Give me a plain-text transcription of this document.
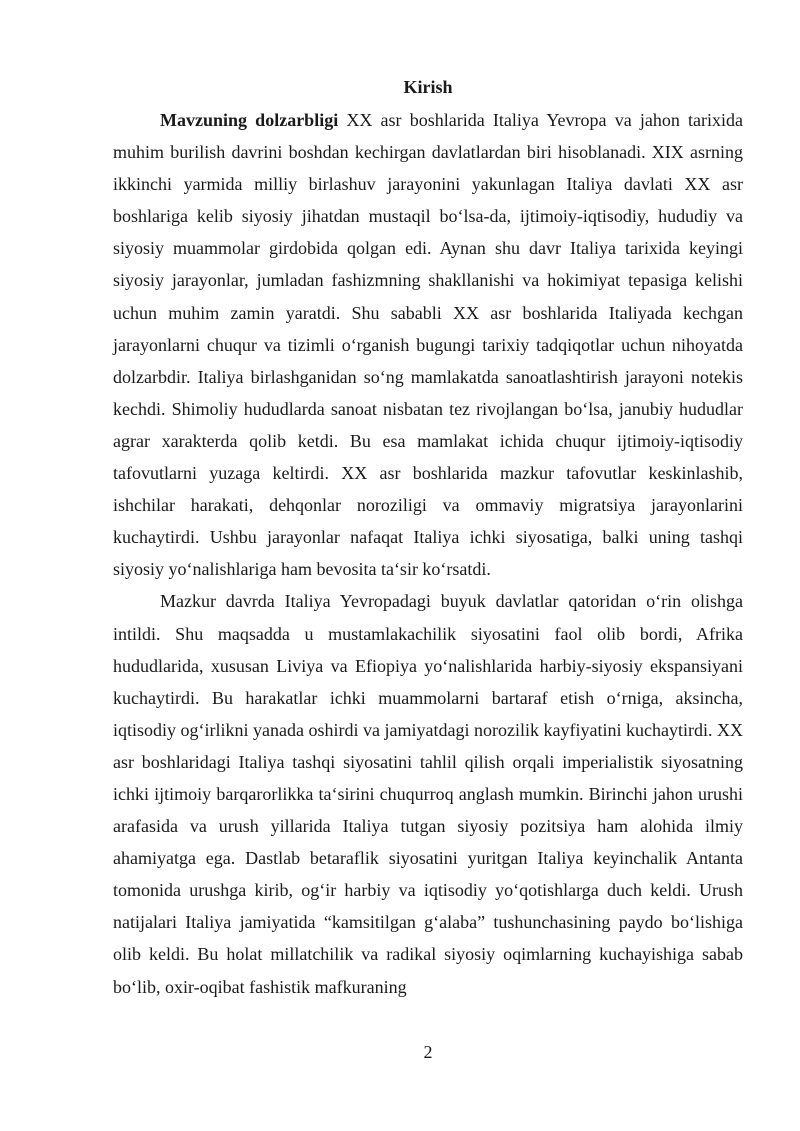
Kirish

Mavzuning dolzarbligi XX asr boshlarida Italiya Yevropa va jahon tarixida muhim burilish davrini boshdan kechirgan davlatlardan biri hisoblanadi. XIX asrning ikkinchi yarmida milliy birlashuv jarayonini yakunlagan Italiya davlati XX asr boshlariga kelib siyosiy jihatdan mustaqil bo‘lsa-da, ijtimoiy-iqtisodiy, hududiy va siyosiy muammolar girdobida qolgan edi. Aynan shu davr Italiya tarixida keyingi siyosiy jarayonlar, jumladan fashizmning shakllanishi va hokimiyat tepasiga kelishi uchun muhim zamin yaratdi. Shu sababli XX asr boshlarida Italiyada kechgan jarayonlarni chuqur va tizimli o‘rganish bugungi tarixiy tadqiqotlar uchun nihoyatda dolzarbdir. Italiya birlashganidan so‘ng mamlakatda sanoatlashtirish jarayoni notekis kechdi. Shimoliy hududlarda sanoat nisbatan tez rivojlangan bo‘lsa, janubiy hududlar agrar xarakterda qolib ketdi. Bu esa mamlakat ichida chuqur ijtimoiy-iqtisodiy tafovutlarni yuzaga keltirdi. XX asr boshlarida mazkur tafovutlar keskinlashib, ishchilar harakati, dehqonlar noroziligi va ommaviy migratsiya jarayonlarini kuchaytirdi. Ushbu jarayonlar nafaqat Italiya ichki siyosatiga, balki uning tashqi siyosiy yo‘nalishlariga ham bevosita ta‘sir ko‘rsatdi.

Mazkur davrda Italiya Yevropadagi buyuk davlatlar qatoridan o‘rin olishga intildi. Shu maqsadda u mustamlakachilik siyosatini faol olib bordi, Afrika hududlarida, xususan Liviya va Efiopiya yo‘nalishlarida harbiy-siyosiy ekspansiyani kuchaytirdi. Bu harakatlar ichki muammolarni bartaraf etish o‘rniga, aksincha, iqtisodiy og‘irlikni yanada oshirdi va jamiyatdagi norozilik kayfiyatini kuchaytirdi. XX asr boshlaridagi Italiya tashqi siyosatini tahlil qilish orqali imperialistik siyosatning ichki ijtimoiy barqarorlikka ta‘sirini chuqurroq anglash mumkin. Birinchi jahon urushi arafasida va urush yillarida Italiya tutgan siyosiy pozitsiya ham alohida ilmiy ahamiyatga ega. Dastlab betaraflik siyosatini yuritgan Italiya keyinchalik Antanta tomonida urushga kirib, og‘ir harbiy va iqtisodiy yo‘qotishlarga duch keldi. Urush natijalari Italiya jamiyatida “kamsitilgan g‘alaba” tushunchasining paydo bo‘lishiga olib keldi. Bu holat millatchilik va radikal siyosiy oqimlarning kuchayishiga sabab bo‘lib, oxir-oqibat fashistik mafkuraning

2
